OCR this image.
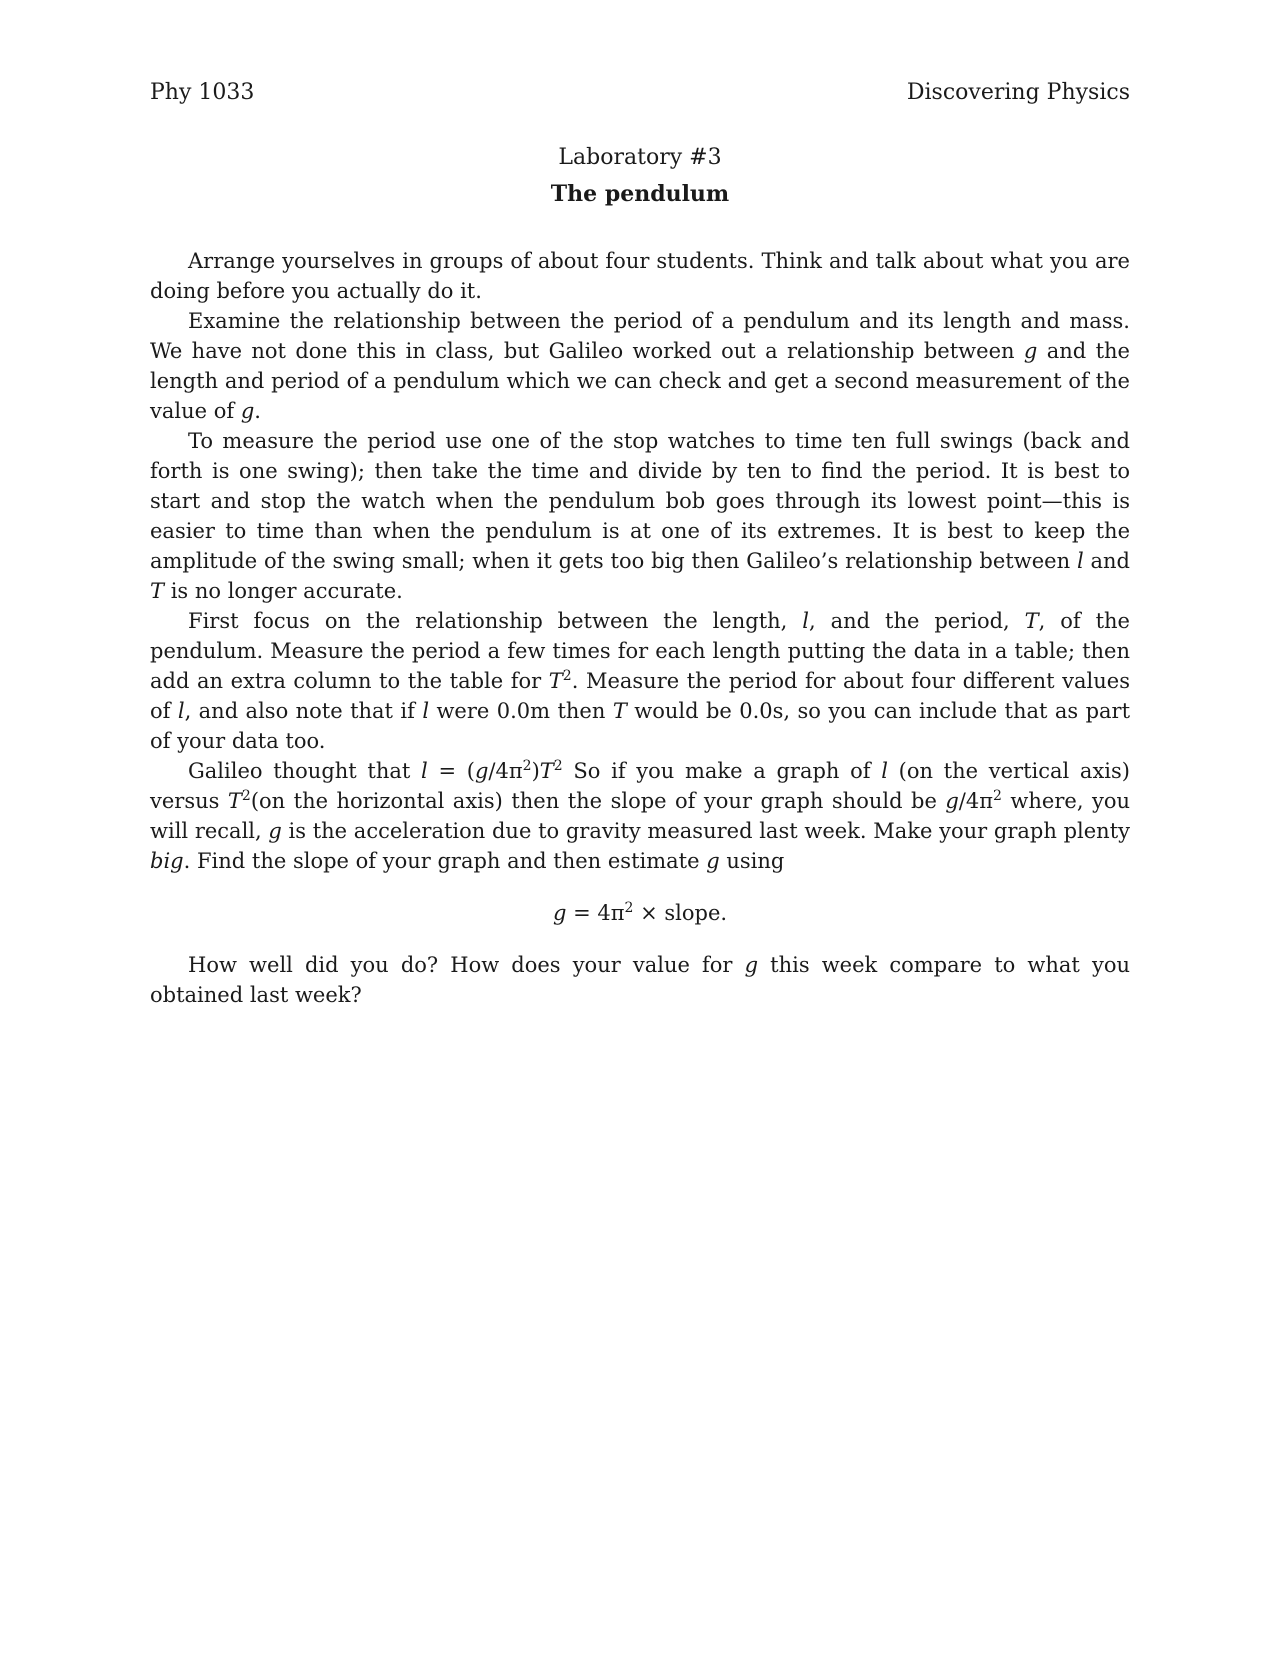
Phy 1033	Discovering Physics
Laboratory #3
The pendulum

Arrange yourselves in groups of about four students. Think and talk about what you are doing before you actually do it.

Examine the relationship between the period of a pendulum and its length and mass. We have not done this in class, but Galileo worked out a relationship between g and the length and period of a pendulum which we can check and get a second measurement of the value of g.

To measure the period use one of the stop watches to time ten full swings (back and forth is one swing); then take the time and divide by ten to find the period. It is best to start and stop the watch when the pendulum bob goes through its lowest point—this is easier to time than when the pendulum is at one of its extremes. It is best to keep the amplitude of the swing small; when it gets too big then Galileo’s relationship between l and T is no longer accurate.

First focus on the relationship between the length, l, and the period, T, of the pendulum. Measure the period a few times for each length putting the data in a table; then add an extra column to the table for $T^2$. Measure the period for about four different values of l, and also note that if l were 0.0m then T would be 0.0s, so you can include that as part of your data too.

Galileo thought that $l = (g/4\pi^2)T^2$ So if you make a graph of l (on the vertical axis) versus $T^2(on$ the horizontal axis) then the slope of your graph should be $g/4\pi^2$ where, you will recall, g is the acceleration due to gravity measured last week. Make your graph plenty big. Find the slope of your graph and then estimate g using

$g = 4\pi^2$ × slope.

How well did you do? How does your value for g this week compare to what you obtained last week?
